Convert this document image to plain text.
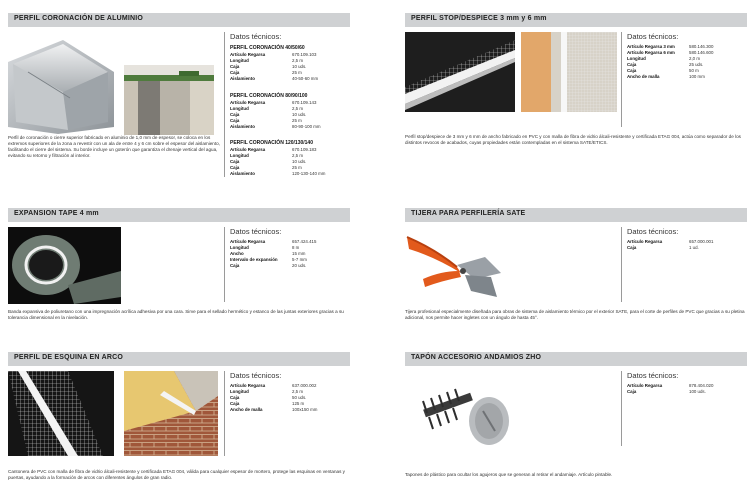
PERFIL CORONACIÓN DE ALUMINIO
Datos técnicos:
PERFIL CORONACIÓN 40/50/60
Artículo Regarsa	670.109.103
Longitud	2,5 m
Caja	10 uds.
Caja	25 m
Aislamiento	40-50-60 mm
PERFIL CORONACIÓN 80/90/100
Artículo Regarsa	670.109.143
Longitud	2,5 m
Caja	10 uds.
Caja	25 m
Aislamiento	80-90-100 mm
PERFIL CORONACIÓN 120/130/140
Artículo Regarsa	670.109.183
Longitud	2,5 m
Caja	10 uds.
Caja	25 m
Aislamiento	120-130-140 mm
Perfil de coronación o cierre superior fabricado en aluminio de 1,0 mm de espesor, se coloca en los extremos superiores de la zona a revestir con un ala de entre 4 y 6 cm sobre el espesor del aislamiento, facilitando el cierre del sistema. Su borde incluye un goterón que garantiza el drenaje vertical del agua, evitando su retorno y filtración al interior.
PERFIL STOP/DESPIECE 3 mm y 6 mm
Datos técnicos:
Artículo Regarsa 3 mm	580.146.300
Artículo Regarsa 6 mm	580.146.600
Longitud	2,0 m
Caja	25 uds.
Caja	50 m
Ancho de malla	100 mm
Perfil stop/despiece de 3 mm y 6 mm de ancho fabricado en PVC y con malla de fibra de vidrio álcali-resistente y certificada ETAG 004, actúa como separador de los distintos revocos de acabados, cuyas propiedades están contempladas en el sistema SATE/ETICS.
EXPANSION TAPE 4 mm
Datos técnicos:
Artículo Regarsa	657.424.415
Longitud	8 m
Ancho	15 mm
Intervalo de expansión	5-7 mm
Caja	20 uds.
Banda expansiva de poliuretano con una impregnación acrílica adhesiva por una cara. Sirve para el sellado hermético y estanco de las juntas exteriores gracias a su tolerancia dimensional en la nivelación.
TIJERA PARA PERFILERÍA SATE
Datos técnicos:
Artículo Regarsa	657.000.001
Caja	1 ud.
Tijera profesional especialmente diseñada para obras de sistema de aislamiento térmico por el exterior SATE, para el corte de perfiles de PVC que gracias a su pletina adicional, nos permite hacer ingletes con un ángulo de hasta 45°.
PERFIL DE ESQUINA EN ARCO
Datos técnicos:
Artículo Regarsa	637.000.002
Longitud	2,5 m
Caja	50 uds.
Caja	125 m
Ancho de malla	100x150 mm
Cantonera de PVC con malla de fibra de vidrio álcali-resistente y certificada ETAG 004, válida para cualquier espesor de mortero, protege las esquinas en ventanas y puertas, ayudando a la formación de arcos con diferentes ángulos de gran radio.
TAPÓN ACCESORIO ANDAMIOS ZHO
Datos técnicos:
Artículo Regarsa	878.404.020
Caja	100 uds.
Tapones de plástico para ocultar los agujeros que se generan al retirar el andamiaje. Artículo pintable.
